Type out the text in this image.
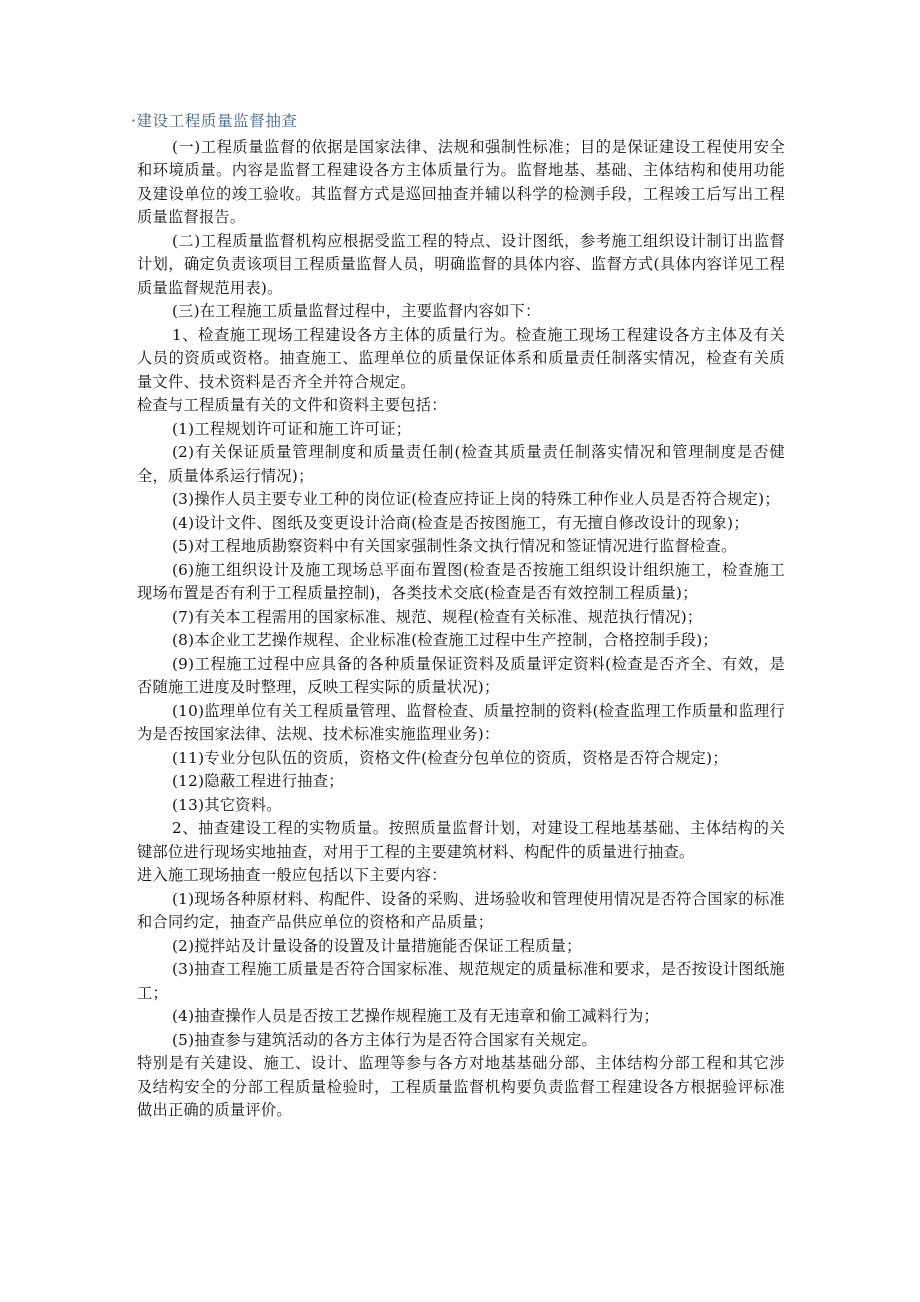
·建设工程质量监督抽查

(一)工程质量监督的依据是国家法律、法规和强制性标准；目的是保证建设工程使用安全和环境质量。内容是监督工程建设各方主体质量行为。监督地基、基础、主体结构和使用功能及建设单位的竣工验收。其监督方式是巡回抽查并辅以科学的检测手段，工程竣工后写出工程质量监督报告。

(二)工程质量监督机构应根据受监工程的特点、设计图纸，参考施工组织设计制订出监督计划，确定负责该项目工程质量监督人员，明确监督的具体内容、监督方式(具体内容详见工程质量监督规范用表)。

(三)在工程施工质量监督过程中，主要监督内容如下：

1、检查施工现场工程建设各方主体的质量行为。检查施工现场工程建设各方主体及有关人员的资质或资格。抽查施工、监理单位的质量保证体系和质量责任制落实情况，检查有关质量文件、技术资料是否齐全并符合规定。

检查与工程质量有关的文件和资料主要包括：

(1)工程规划许可证和施工许可证；

(2)有关保证质量管理制度和质量责任制(检查其质量责任制落实情况和管理制度是否健全，质量体系运行情况)；

(3)操作人员主要专业工种的岗位证(检查应持证上岗的特殊工种作业人员是否符合规定)；

(4)设计文件、图纸及变更设计洽商(检查是否按图施工，有无擅自修改设计的现象)；

(5)对工程地质勘察资料中有关国家强制性条文执行情况和签证情况进行监督检查。

(6)施工组织设计及施工现场总平面布置图(检查是否按施工组织设计组织施工，检查施工现场布置是否有利于工程质量控制)，各类技术交底(检查是否有效控制工程质量)；

(7)有关本工程需用的国家标准、规范、规程(检查有关标准、规范执行情况)；

(8)本企业工艺操作规程、企业标准(检查施工过程中生产控制，合格控制手段)；

(9)工程施工过程中应具备的各种质量保证资料及质量评定资料(检查是否齐全、有效，是否随施工进度及时整理，反映工程实际的质量状况)；

(10)监理单位有关工程质量管理、监督检查、质量控制的资料(检查监理工作质量和监理行为是否按国家法律、法规、技术标准实施监理业务)：

(11)专业分包队伍的资质，资格文件(检查分包单位的资质，资格是否符合规定)；

(12)隐蔽工程进行抽查；

(13)其它资料。

2、抽查建设工程的实物质量。按照质量监督计划，对建设工程地基基础、主体结构的关键部位进行现场实地抽查，对用于工程的主要建筑材料、构配件的质量进行抽查。

进入施工现场抽查一般应包括以下主要内容：

(1)现场各种原材料、构配件、设备的采购、进场验收和管理使用情况是否符合国家的标准和合同约定，抽查产品供应单位的资格和产品质量；

(2)搅拌站及计量设备的设置及计量措施能否保证工程质量；

(3)抽查工程施工质量是否符合国家标准、规范规定的质量标准和要求，是否按设计图纸施工；

(4)抽查操作人员是否按工艺操作规程施工及有无违章和偷工减料行为；

(5)抽查参与建筑活动的各方主体行为是否符合国家有关规定。

特别是有关建设、施工、设计、监理等参与各方对地基基础分部、主体结构分部工程和其它涉及结构安全的分部工程质量检验时，工程质量监督机构要负责监督工程建设各方根据验评标准做出正确的质量评价。
